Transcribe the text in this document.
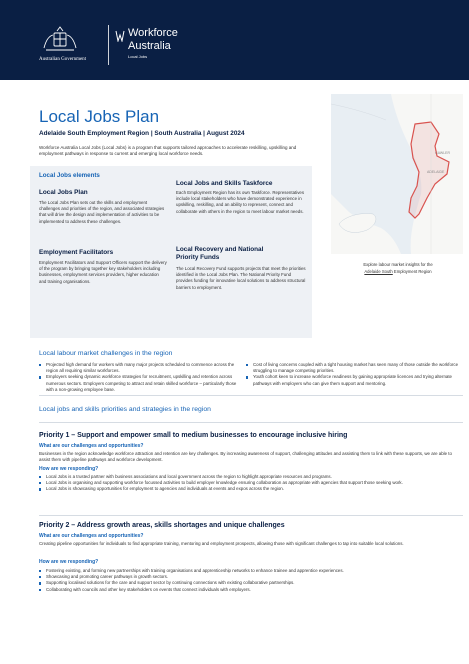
Australian Government
Workforce
Australia
Local Jobs
Local Jobs Plan
Adelaide South Employment Region | South Australia | August 2024
Workforce Australia Local Jobs (Local Jobs) is a program that supports tailored approaches to accelerate reskilling, upskilling and employment pathways in response to current and emerging local workforce needs.
Local Jobs elements
Local Jobs Plan
The Local Jobs Plan sets out the skills and employment challenges and priorities of the region, and associated strategies that will drive the design and implementation of activities to be implemented to address these challenges.
Employment Facilitators
Employment Facilitators and Support Officers support the delivery of the program by bringing together key stakeholders including businesses, employment services providers, higher education and training organisations.
Local Jobs and Skills Taskforce
Each Employment Region has its own Taskforce. Representatives include local stakeholders who have demonstrated experience in upskilling, reskilling, and an ability to represent, connect and collaborate with others in the region to meet labour market needs.
Local Recovery and National
Priority Funds
The Local Recovery Fund supports projects that meet the priorities identified in the Local Jobs Plan. The National Priority Fund provides funding for innovative local solutions to address structural barriers to employment.
GAWLER
ADELAIDE
Explore labour market insights for the
Adelaide South Employment Region
Local labour market challenges in the region
Projected high demand for workers with many major projects scheduled to commence across the region all requiring similar workforces.
Employers seeking dynamic workforce strategies for recruitment, upskilling and retention across numerous sectors. Employers competing to attract and retain skilled workforce – particularly those with a non-growing employee base.
Cost of living concerns coupled with a tight housing market has seen many of those outside the workforce struggling to manage competing priorities.
Youth cohort keen to increase workforce readiness by gaining appropriate licences and trying alternate pathways with employers who can give them support and mentoring.
Local jobs and skills priorities and strategies in the region
Priority 1 – Support and empower small to medium businesses to encourage inclusive hiring
What are our challenges and opportunities?
Businesses in the region acknowledge workforce attraction and retention are key challenges. By increasing awareness of support, challenging attitudes and assisting them to link with these supports, we are able to assist them with pipeline pathways and workforce development.
How are we responding?
Local Jobs is a trusted partner with business associations and local government across the region to highlight appropriate resources and programs.
Local Jobs is organising and supporting workforce focussed activities to build employer knowledge ensuring collaboration as appropriate with agencies that support those seeking work.
Local Jobs is showcasing opportunities for employment to agencies and individuals at events and expos across the region.
Priority 2 – Address growth areas, skills shortages and unique challenges
What are our challenges and opportunities?
Creating pipeline opportunities for individuals to find appropriate training, mentoring and employment prospects, allowing those with significant challenges to tap into suitable local solutions.
How are we responding?
Fostering existing, and forming new partnerships with training organisations and apprenticeship networks to enhance trainee and apprentice experiences.
Showcasing and promoting career pathways in growth sectors.
Supporting localised solutions for the care and support sector by continuing connections with existing collaborative partnerships.
Collaborating with councils and other key stakeholders on events that connect individuals with employers.
